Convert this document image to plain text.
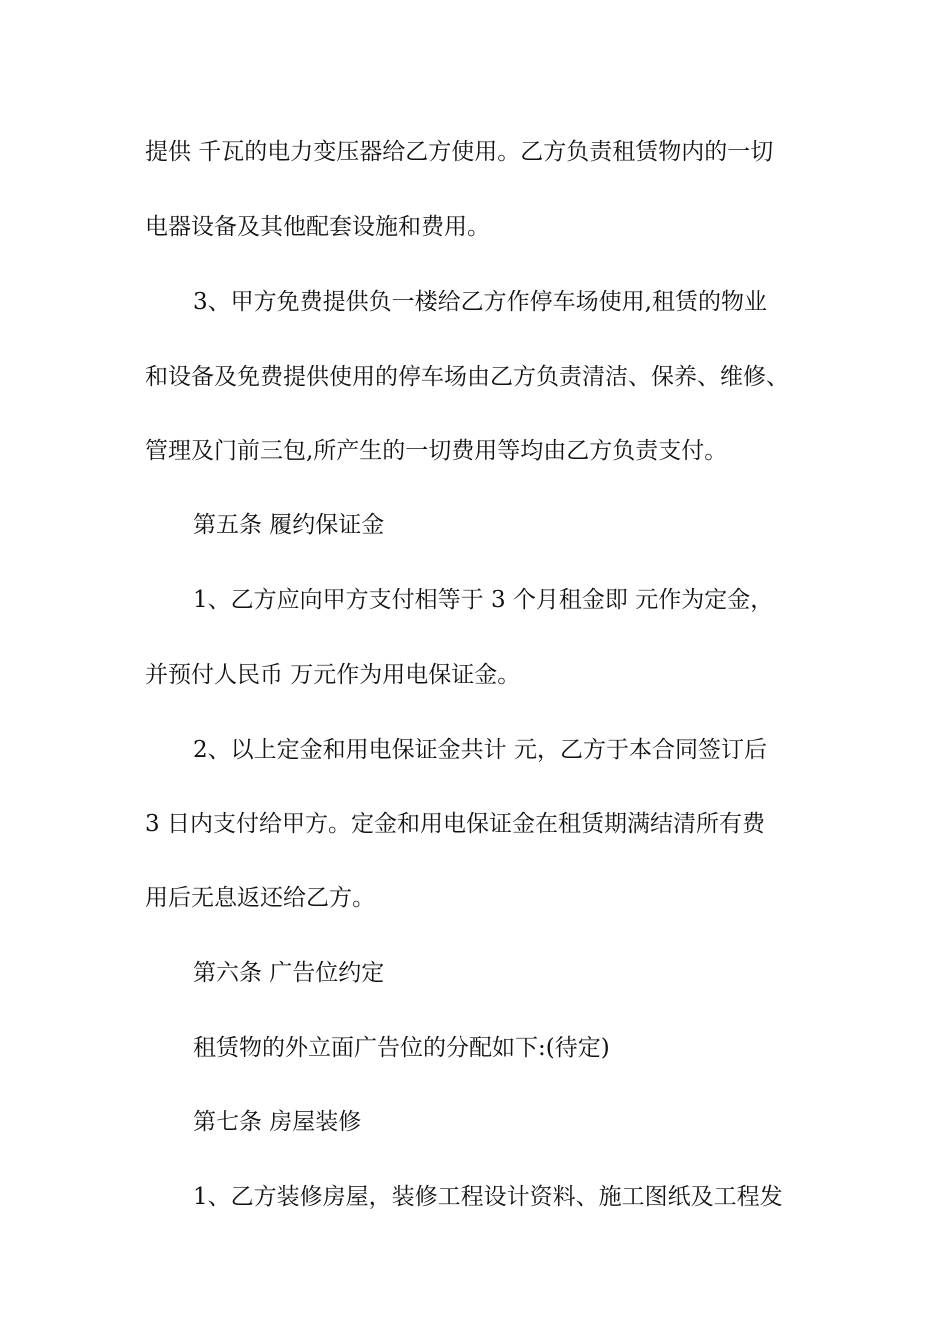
提供 千瓦的电力变压器给乙方使用。乙方负责租赁物内的一切
电器设备及其他配套设施和费用。
3、甲方免费提供负一楼给乙方作停车场使用,租赁的物业
和设备及免费提供使用的停车场由乙方负责清洁、保养、维修、
管理及门前三包,所产生的一切费用等均由乙方负责支付。
第五条 履约保证金
1、乙方应向甲方支付相等于 3 个月租金即 元作为定金，
并预付人民币 万元作为用电保证金。
2、以上定金和用电保证金共计 元，乙方于本合同签订后
3 日内支付给甲方。定金和用电保证金在租赁期满结清所有费
用后无息返还给乙方。
第六条 广告位约定
租赁物的外立面广告位的分配如下:(待定)
第七条 房屋装修
1、乙方装修房屋，装修工程设计资料、施工图纸及工程发
